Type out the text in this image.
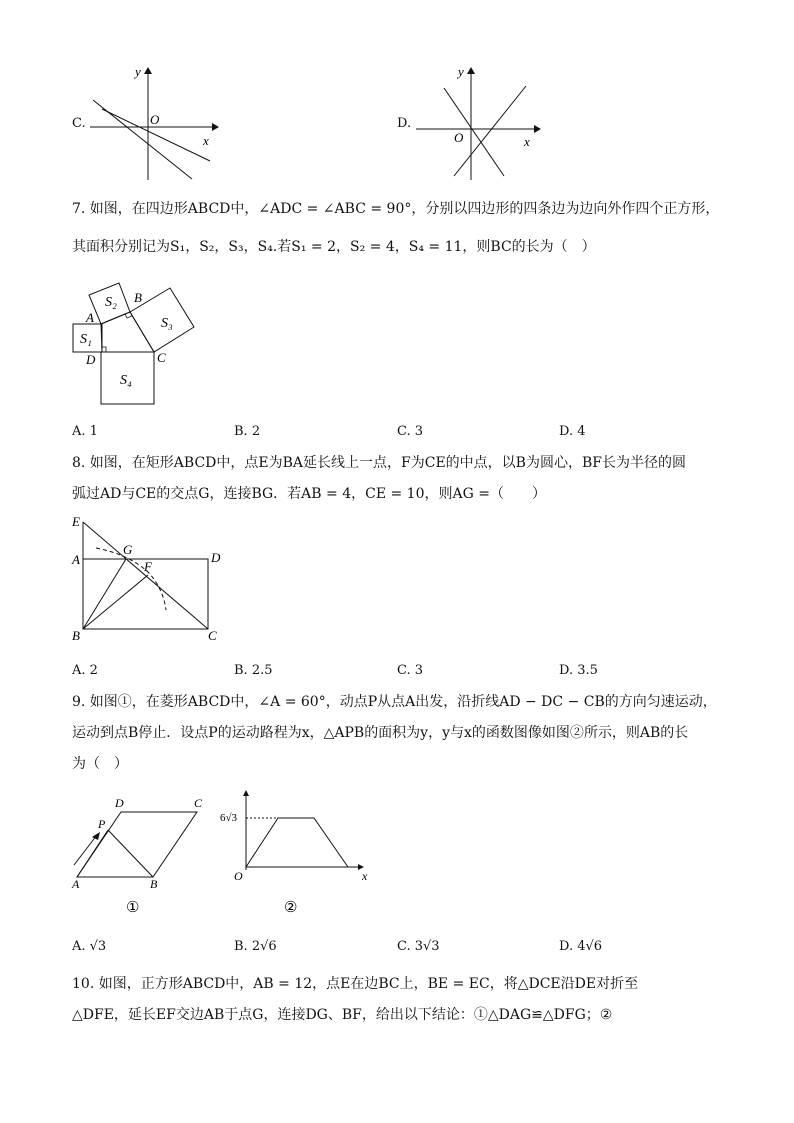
C.
y
x
O	D.
y
x
O
7. 如图，在四边形ABCD中，∠ADC = ∠ABC = 90°，分别以四边形的四条边为边向外作四个正方形，
其面积分别记为S₁，S₂，S₃，S₄.若S₁ = 2，S₂ = 4，S₄ = 11，则BC的长为（　）
S₁
S₂
S₃
S₄
A
B
C
D
A. 1	B. 2	C. 3	D. 4
8. 如图，在矩形ABCD中，点E为BA延长线上一点，F为CE的中点，以B为圆心，BF长为半径的圆
弧过AD与CE的交点G，连接BG．若AB = 4，CE = 10，则AG =（　　）
E
A
G
D
F
B	C
A. 2	B. 2.5	C. 3	D. 3.5
9. 如图①，在菱形ABCD中，∠A = 60°，动点P从点A出发，沿折线AD − DC − CB的方向匀速运动，
运动到点B停止．设点P的运动路程为x，△APB的面积为y，y与x的函数图像如图②所示，则AB的长
为（　）
A	B
C
D
P
①
6√3
O	x
②
A. √3	B. 2√6	C. 3√3	D. 4√6
10. 如图，正方形ABCD中，AB = 12，点E在边BC上，BE = EC，将△DCE沿DE对折至
△DFE，延长EF交边AB于点G，连接DG、BF，给出以下结论：①△DAG≌△DFG；②
